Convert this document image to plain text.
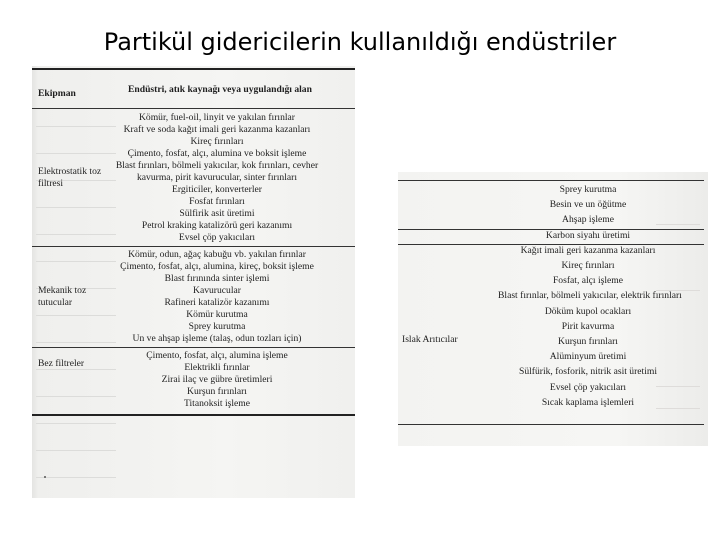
Partikül gidericilerin kullanıldığı endüstriler
Ekipman	Endüstri, atık kaynağı veya uygulandığı alan
Kömür, fuel-oil, linyit ve yakılan fırınlar
Kraft ve soda kağıt imali geri kazanma kazanları
Kireç fırınları
Çimento, fosfat, alçı, alumina ve boksit işleme
Blast fırınları, bölmeli yakıcılar, kok fırınları, cevher
kavurma, pirit kavurucular, sinter fırınları
Ergiticiler, konverterler
Fosfat fırınları
Sülfirik asit üretimi
Petrol kraking katalizörü geri kazanımı
Evsel çöp yakıcıları
Elektrostatik toz filtresi
Kömür, odun, ağaç kabuğu vb. yakılan fırınlar
Çimento, fosfat, alçı, alumina, kireç, boksit işleme
Blast fırınında sinter işlemi
Kavurucular
Rafineri katalizör kazanımı
Kömür kurutma
Sprey kurutma
Un ve ahşap işleme (talaş, odun tozları için)
Mekanik toz tutucular
Çimento, fosfat, alçı, alumina işleme
Elektrikli fırınlar
Zirai ilaç ve gübre üretimleri
Kurşun fırınları
Titanoksit işleme
Bez filtreler
Sprey kurutma
Besin ve un öğütme
Ahşap işleme
Karbon siyahı üretimi
Kağıt imali geri kazanma kazanları
Kireç fırınları
Fosfat, alçı işleme
Blast fırınlar, bölmeli yakıcılar, elektrik fırınları
Döküm kupol ocakları
Pirit kavurma
Kurşun fırınları
Alüminyum üretimi
Sülfürik, fosforik, nitrik asit üretimi
Evsel çöp yakıcıları
Sıcak kaplama işlemleri
Islak Arıtıcılar
